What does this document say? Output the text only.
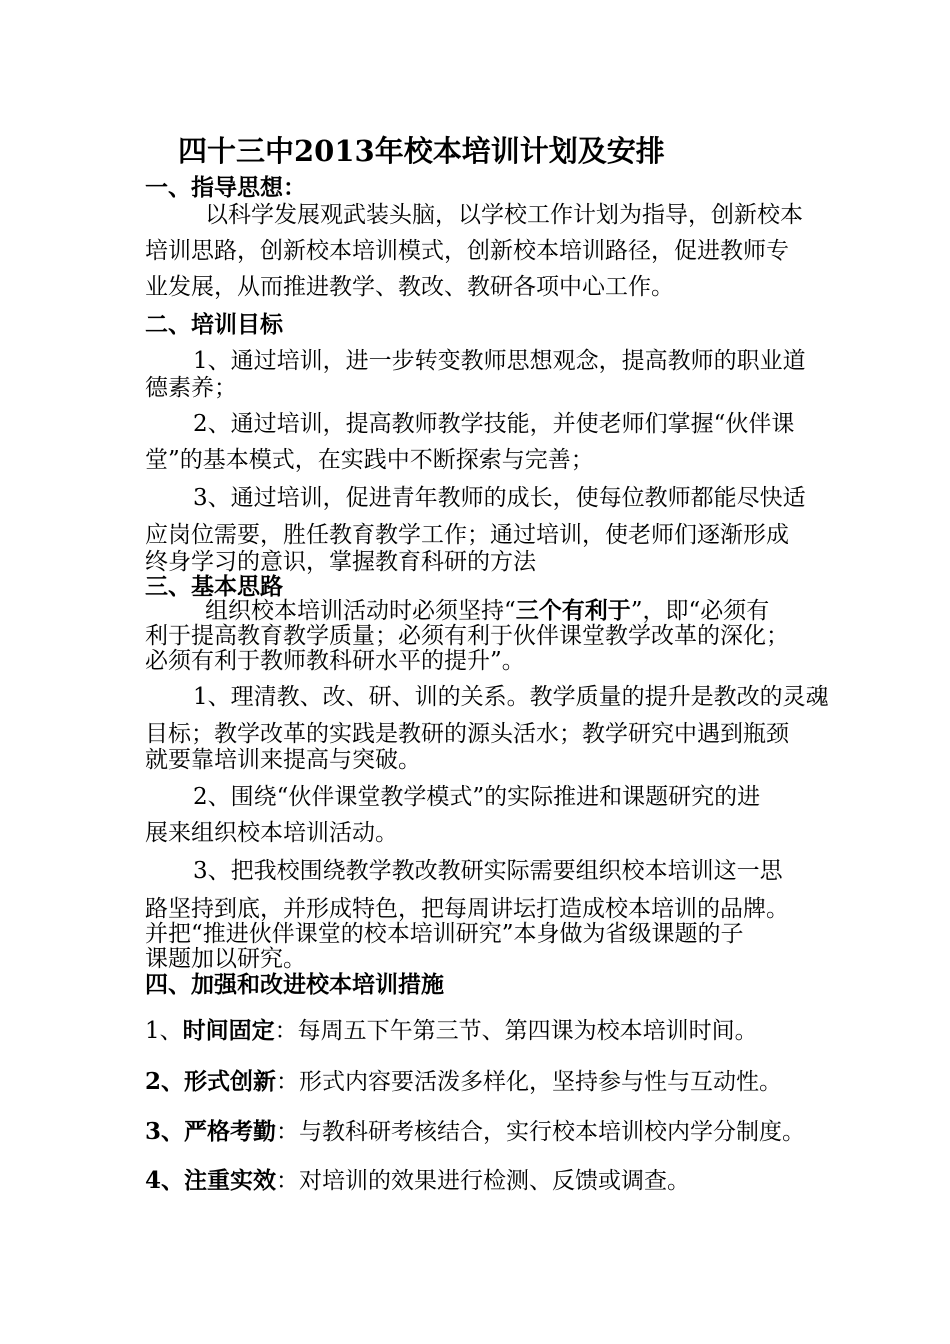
四十三中2013年校本培训计划及安排
一、指导思想：
以科学发展观武装头脑，以学校工作计划为指导，创新校本
培训思路，创新校本培训模式，创新校本培训路径，促进教师专
业发展，从而推进教学、教改、教研各项中心工作。
二、培训目标
1、通过培训，进一步转变教师思想观念，提高教师的职业道
德素养；
2、通过培训，提高教师教学技能，并使老师们掌握“伙伴课
堂”的基本模式，在实践中不断探索与完善；
3、通过培训，促进青年教师的成长，使每位教师都能尽快适
应岗位需要，胜任教育教学工作；通过培训，使老师们逐渐形成
终身学习的意识，掌握教育科研的方法
三、基本思路
组织校本培训活动时必须坚持“三个有利于”，即“必须有
利于提高教育教学质量；必须有利于伙伴课堂教学改革的深化；
必须有利于教师教科研水平的提升”。
1、理清教、改、研、训的关系。教学质量的提升是教改的灵魂
目标；教学改革的实践是教研的源头活水；教学研究中遇到瓶颈
就要靠培训来提高与突破。
2、围绕“伙伴课堂教学模式”的实际推进和课题研究的进
展来组织校本培训活动。
3、把我校围绕教学教改教研实际需要组织校本培训这一思
路坚持到底，并形成特色，把每周讲坛打造成校本培训的品牌。
并把“推进伙伴课堂的校本培训研究”本身做为省级课题的子
课题加以研究。
四、加强和改进校本培训措施
1、时间固定：每周五下午第三节、第四课为校本培训时间。
2、形式创新：形式内容要活泼多样化，坚持参与性与互动性。
3、严格考勤：与教科研考核结合，实行校本培训校内学分制度。
4、注重实效：对培训的效果进行检测、反馈或调查。
